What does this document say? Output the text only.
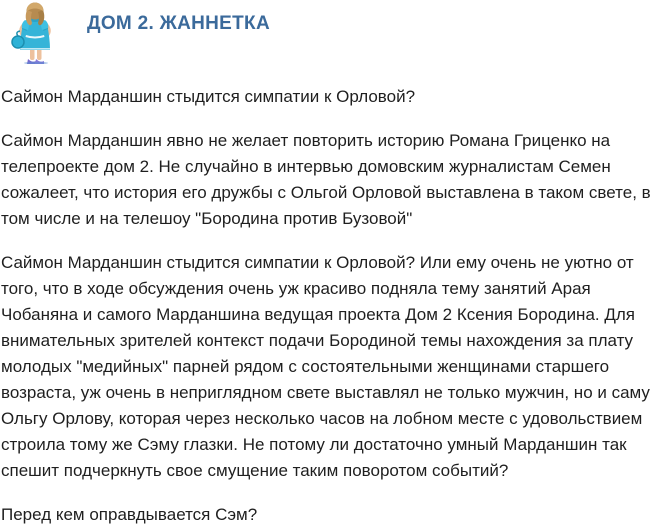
ДОМ 2. ЖАННЕТКА

Саймон Марданшин стыдится симпатии к Орловой?

Саймон Марданшин явно не желает повторить историю Романа Гриценко на телепроекте дом 2. Не случайно в интервью домовским журналистам Семен сожалеет, что история его дружбы с Ольгой Орловой выставлена в таком свете, в том числе и на телешоу "Бородина против Бузовой"

Саймон Марданшин стыдится симпатии к Орловой? Или ему очень не уютно от того, что в ходе обсуждения очень уж красиво подняла тему занятий Арая Чобаняна и самого Марданшина ведущая проекта Дом 2 Ксения Бородина. Для внимательных зрителей контекст подачи Бородиной темы нахождения за плату молодых "медийных" парней рядом с состоятельными женщинами старшего возраста, уж очень в неприглядном свете выставлял не только мужчин, но и саму Ольгу Орлову, которая через несколько часов на лобном месте с удовольствием строила тому же Сэму глазки. Не потому ли достаточно умный Марданшин так спешит подчеркнуть свое смущение таким поворотом событий?

Перед кем оправдывается Сэм?
